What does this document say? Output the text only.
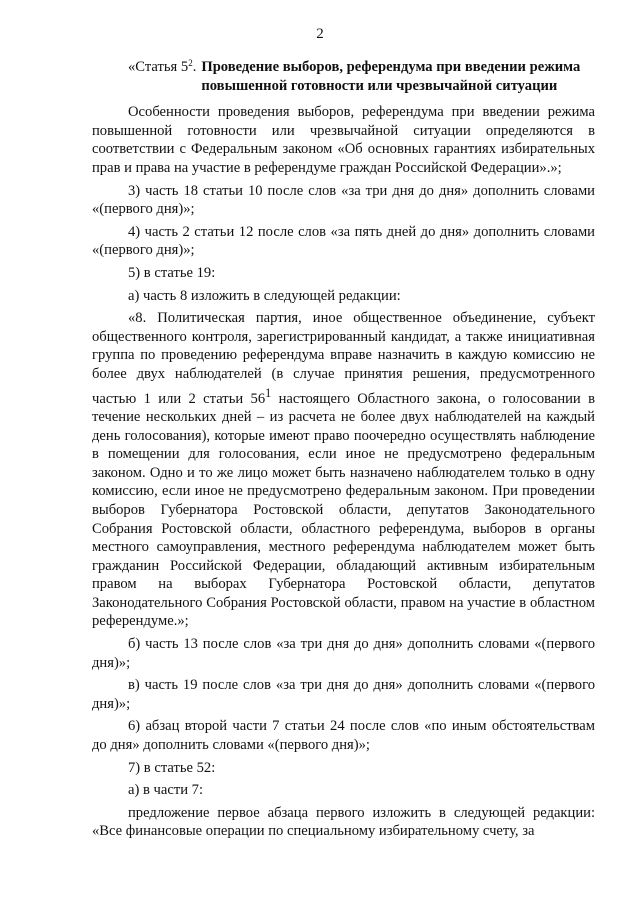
2
«Статья $5^2$. Проведение выборов, референдума при введении режима повышенной готовности или чрезвычайной ситуации

Особенности проведения выборов, референдума при введении режима повышенной готовности или чрезвычайной ситуации определяются в соответствии с Федеральным законом «Об основных гарантиях избирательных прав и права на участие в референдуме граждан Российской Федерации».»;

3) часть 18 статьи 10 после слов «за три дня до дня» дополнить словами «(первого дня)»;

4) часть 2 статьи 12 после слов «за пять дней до дня» дополнить словами «(первого дня)»;

5) в статье 19:

а) часть 8 изложить в следующей редакции:

«8. Политическая партия, иное общественное объединение, субъект общественного контроля, зарегистрированный кандидат, а также инициативная группа по проведению референдума вправе назначить в каждую комиссию не более двух наблюдателей (в случае принятия решения, предусмотренного частью 1 или 2 статьи $56^1$ настоящего Областного закона, о голосовании в течение нескольких дней – из расчета не более двух наблюдателей на каждый день голосования), которые имеют право поочередно осуществлять наблюдение в помещении для голосования, если иное не предусмотрено федеральным законом. Одно и то же лицо может быть назначено наблюдателем только в одну комиссию, если иное не предусмотрено федеральным законом. При проведении выборов Губернатора Ростовской области, депутатов Законодательного Собрания Ростовской области, областного референдума, выборов в органы местного самоуправления, местного референдума наблюдателем может быть гражданин Российской Федерации, обладающий активным избирательным правом на выборах Губернатора Ростовской области, депутатов Законодательного Собрания Ростовской области, правом на участие в областном референдуме.»;

б) часть 13 после слов «за три дня до дня» дополнить словами «(первого дня)»;

в) часть 19 после слов «за три дня до дня» дополнить словами «(первого дня)»;

6) абзац второй части 7 статьи 24 после слов «по иным обстоятельствам до дня» дополнить словами «(первого дня)»;

7) в статье 52:

а) в части 7:

предложение первое абзаца первого изложить в следующей редакции: «Все финансовые операции по специальному избирательному счету, за
